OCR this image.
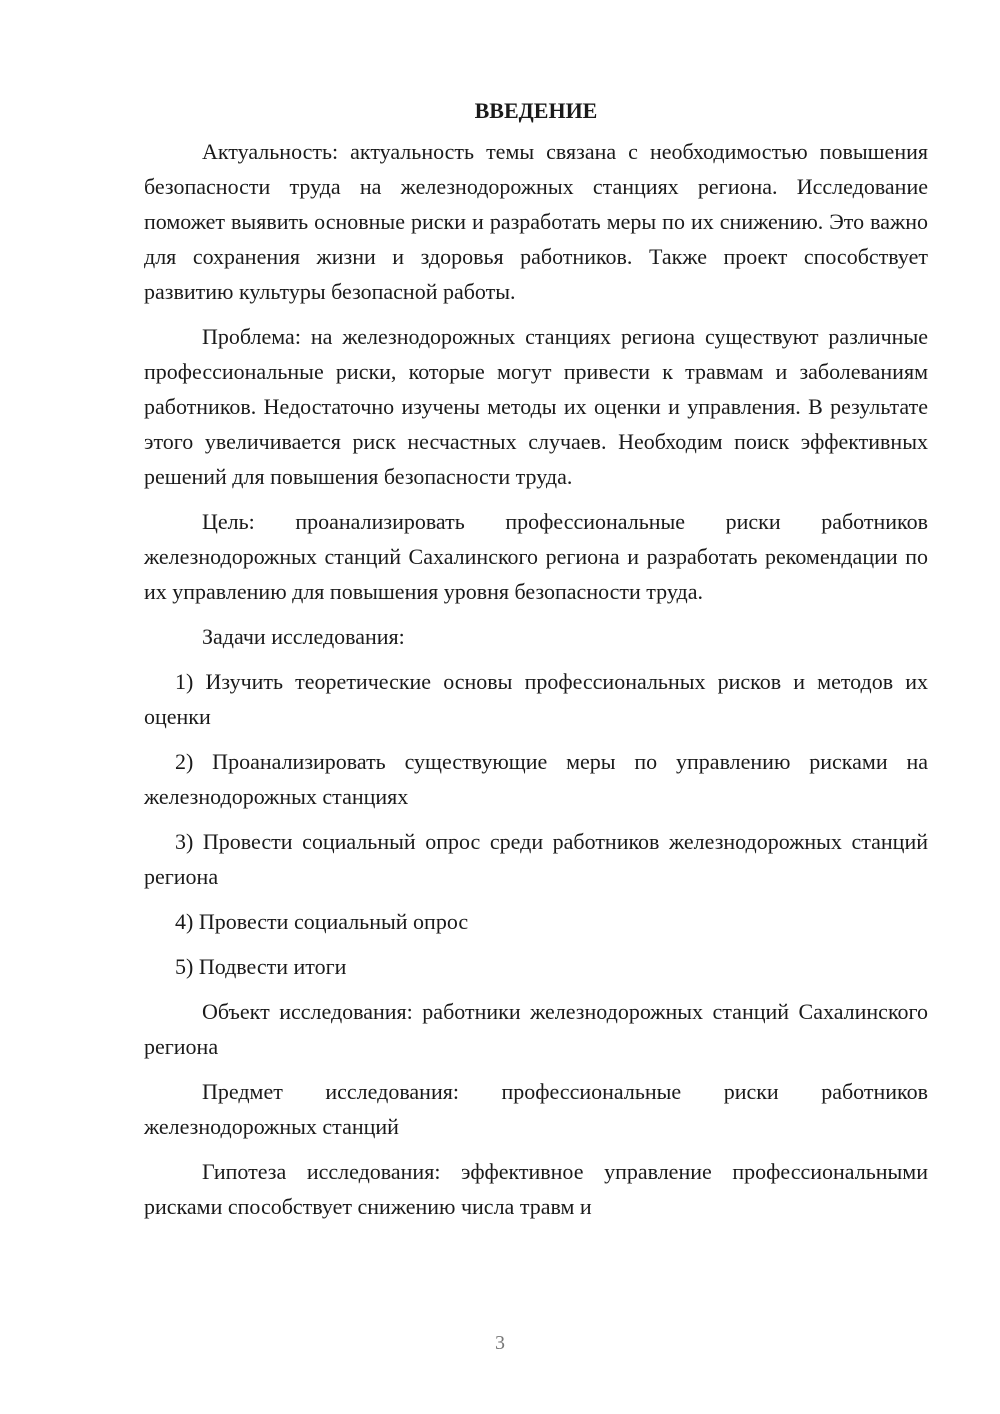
ВВЕДЕНИЕ

Актуальность: актуальность темы связана с необходимостью повышения безопасности труда на железнодорожных станциях региона. Исследование поможет выявить основные риски и разработать меры по их снижению. Это важно для сохранения жизни и здоровья работников. Также проект способствует развитию культуры безопасной работы.

Проблема: на железнодорожных станциях региона существуют различные профессиональные риски, которые могут привести к травмам и заболеваниям работников. Недостаточно изучены методы их оценки и управления. В результате этого увеличивается риск несчастных случаев. Необходим поиск эффективных решений для повышения безопасности труда.

Цель: проанализировать профессиональные риски работников железнодорожных станций Сахалинского региона и разработать рекомендации по их управлению для повышения уровня безопасности труда.

Задачи исследования:

1) Изучить теоретические основы профессиональных рисков и методов их оценки

2) Проанализировать существующие меры по управлению рисками на железнодорожных станциях

3) Провести социальный опрос среди работников железнодорожных станций региона

4) Провести социальный опрос

5) Подвести итоги

Объект исследования: работники железнодорожных станций Сахалинского региона

Предмет исследования: профессиональные риски работников железнодорожных станций

Гипотеза исследования: эффективное управление профессиональными рисками способствует снижению числа травм и

3
